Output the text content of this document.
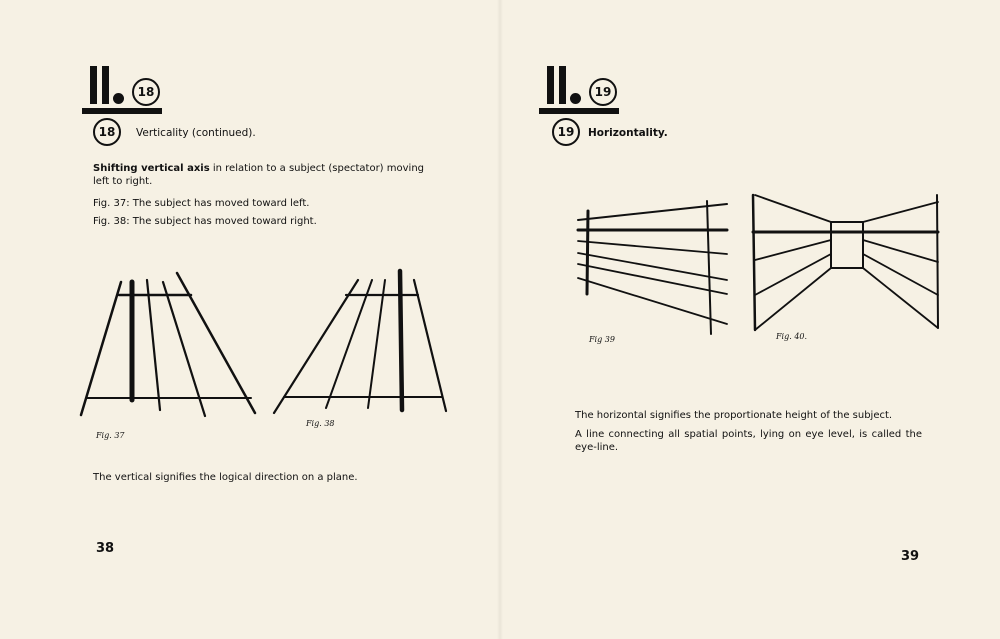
18
18	Verticality (continued).
Shifting vertical axis in relation to a subject (spectator) moving left to right.
Fig. 37: The subject has moved toward left.
Fig. 38: The subject has moved toward right.
Fig. 37
Fig. 38
The vertical signifies the logical direction on a plane.
38
19
19	Horizontality.
Fig 39	Fig. 40.
The horizontal signifies the proportionate height of the subject.
A line connecting all spatial points, lying on eye level, is called the eye-line.
39
